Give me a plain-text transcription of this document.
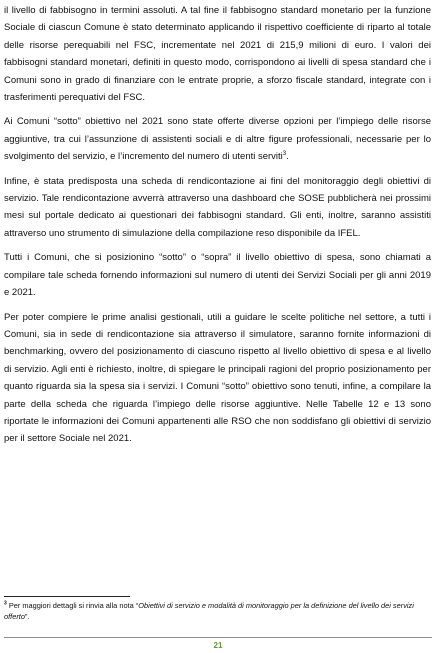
il livello di fabbisogno in termini assoluti. A tal fine il fabbisogno standard monetario per la funzione Sociale di ciascun Comune è stato determinato applicando il rispettivo coefficiente di riparto al totale delle risorse perequabili nel FSC, incrementate nel 2021 di 215,9 milioni di euro. I valori dei fabbisogni standard monetari, definiti in questo modo, corrispondono ai livelli di spesa standard che i Comuni sono in grado di finanziare con le entrate proprie, a sforzo fiscale standard, integrate con i trasferimenti perequativi del FSC.

Ai Comuni “sotto” obiettivo nel 2021 sono state offerte diverse opzioni per l’impiego delle risorse aggiuntive, tra cui l’assunzione di assistenti sociali e di altre figure professionali, necessarie per lo svolgimento del servizio, e l’incremento del numero di utenti serviti$^3$.

Infine, è stata predisposta una scheda di rendicontazione ai fini del monitoraggio degli obiettivi di servizio. Tale rendicontazione avverrà attraverso una dashboard che SOSE pubblicherà nei prossimi mesi sul portale dedicato ai questionari dei fabbisogni standard. Gli enti, inoltre, saranno assistiti attraverso uno strumento di simulazione della compilazione reso disponibile da IFEL.

Tutti i Comuni, che si posizionino “sotto” o “sopra” il livello obiettivo di spesa, sono chiamati a compilare tale scheda fornendo informazioni sul numero di utenti dei Servizi Sociali per gli anni 2019 e 2021.

Per poter compiere le prime analisi gestionali, utili a guidare le scelte politiche nel settore, a tutti i Comuni, sia in sede di rendicontazione sia attraverso il simulatore, saranno fornite informazioni di benchmarking, ovvero del posizionamento di ciascuno rispetto al livello obiettivo di spesa e al livello di servizio. Agli enti è richiesto, inoltre, di spiegare le principali ragioni del proprio posizionamento per quanto riguarda sia la spesa sia i servizi. I Comuni “sotto” obiettivo sono tenuti, infine, a compilare la parte della scheda che riguarda l’impiego delle risorse aggiuntive. Nelle Tabelle 12 e 13 sono riportate le informazioni dei Comuni appartenenti alle RSO che non soddisfano gli obiettivi di servizio per il settore Sociale nel 2021.

$^3$ Per maggiori dettagli si rinvia alla nota “Obiettivi di servizio e modalità di monitoraggio per la definizione del livello dei servizi offerto”.
21
